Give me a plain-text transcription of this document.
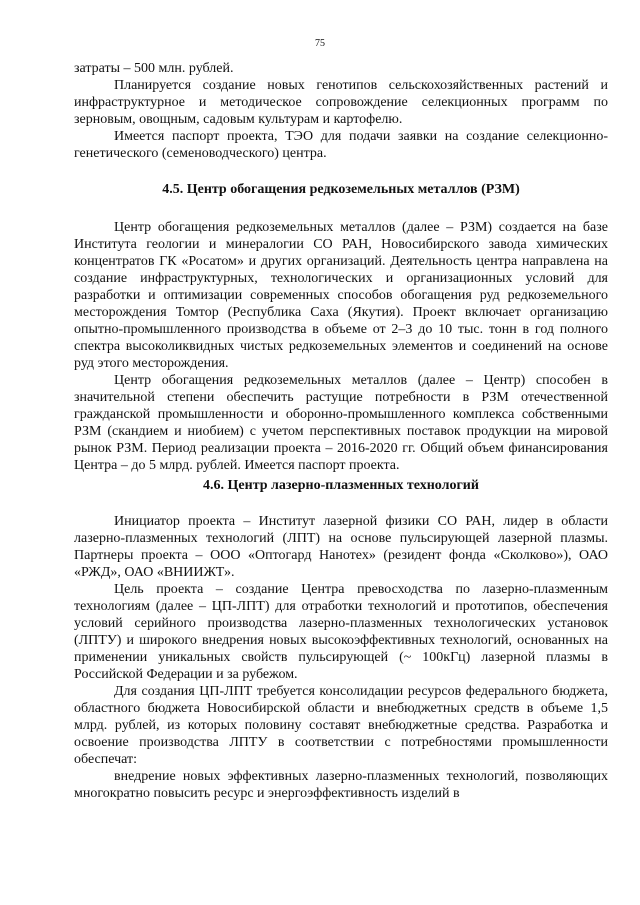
75

затраты – 500 млн. рублей.

Планируется создание новых генотипов сельскохозяйственных растений и инфраструктурное и методическое сопровождение селекционных программ по зерновым, овощным, садовым культурам и картофелю.

Имеется паспорт проекта, ТЭО для подачи заявки на создание селекционно-генетического (семеноводческого) центра.

4.5. Центр обогащения редкоземельных металлов (РЗМ)

Центр обогащения редкоземельных металлов (далее – РЗМ) создается на базе Института геологии и минералогии СО РАН, Новосибирского завода химических концентратов ГК «Росатом» и других организаций. Деятельность центра направлена на создание инфраструктурных, технологических и организационных условий для разработки и оптимизации современных способов обогащения руд редкоземельного месторождения Томтор (Республика Саха (Якутия). Проект включает организацию опытно-промышленного производства в объеме от 2–3 до 10 тыс. тонн в год полного спектра высоколиквидных чистых редкоземельных элементов и соединений на основе руд этого месторождения.

Центр обогащения редкоземельных металлов (далее – Центр) способен в значительной степени обеспечить растущие потребности в РЗМ отечественной гражданской промышленности и оборонно-промышленного комплекса собственными РЗМ (скандием и ниобием) с учетом перспективных поставок продукции на мировой рынок РЗМ. Период реализации проекта – 2016-2020 гг. Общий объем финансирования Центра – до 5 млрд. рублей. Имеется паспорт проекта.

4.6. Центр лазерно-плазменных технологий

Инициатор проекта – Институт лазерной физики СО РАН, лидер в области лазерно-плазменных технологий (ЛПТ) на основе пульсирующей лазерной плазмы. Партнеры проекта – ООО «Оптогард Нанотех» (резидент фонда «Сколково»), ОАО «РЖД», ОАО «ВНИИЖТ».

Цель проекта – создание Центра превосходства по лазерно-плазменным технологиям (далее – ЦП-ЛПТ) для отработки технологий и прототипов, обеспечения условий серийного производства лазерно-плазменных технологических установок (ЛПТУ) и широкого внедрения новых высокоэффективных технологий, основанных на применении уникальных свойств пульсирующей (~ 100кГц) лазерной плазмы в Российской Федерации и за рубежом.

Для создания ЦП-ЛПТ требуется консолидации ресурсов федерального бюджета, областного бюджета Новосибирской области и внебюджетных средств в объеме 1,5 млрд. рублей, из которых половину составят внебюджетные средства. Разработка и освоение производства ЛПТУ в соответствии с потребностями промышленности обеспечат:

внедрение новых эффективных лазерно-плазменных технологий, позволяющих многократно повысить ресурс и энергоэффективность изделий в
